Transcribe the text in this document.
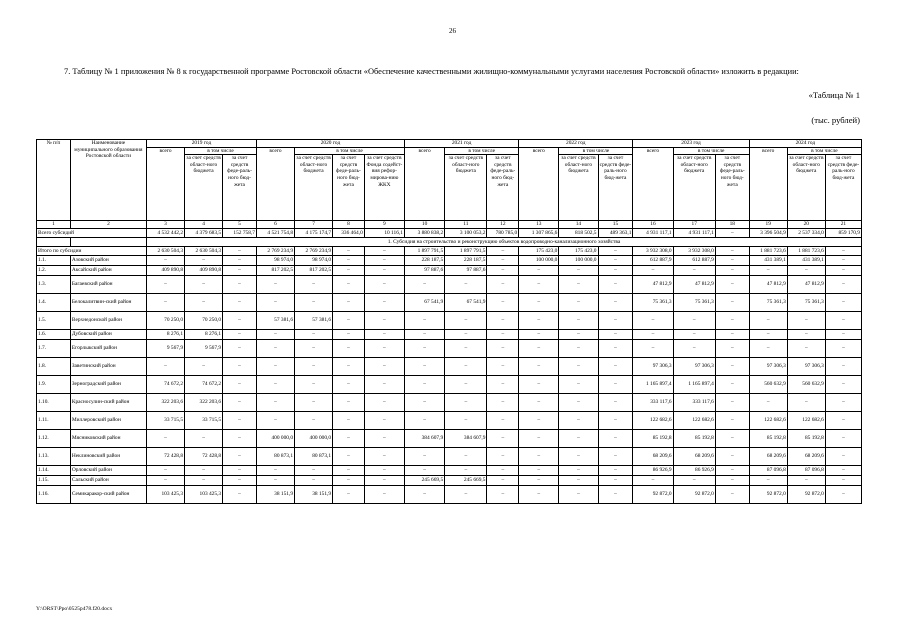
26
7. Таблицу № 1 приложения № 8 к государственной программе Ростовской области «Обеспечение качественными жилищно-коммунальными услугами населения Ростовской области» изложить в редакции:
«Таблица № 1
(тыс. рублей)
№ п/п	Наименование муниципального образования Ростовской области	2019 год			2020 год				2021 год			2022 год			2023 год			2024 год		
		всего	в том числе		всего	в том числе			всего	в том числе		всего	в том числе		всего	в том числе		всего	в том числе	
			за счет средств област-ного бюджета	за счет средств феде-раль-ного бюд-жета		за счет средств област-ного бюджета	за счет средств феде-раль-ного бюд-жета	за счет средств Фонда содейст-вия рефор-мирова-нию ЖКХ		за счет средств област-ного бюджета	за счет средств феде-раль-ного бюд-жета		за счет средств област-ного бюджета	за счет средств феде-раль-ного бюд-жета		за счет средств област-ного бюджета	за счет средств феде-раль-ного бюд-жета		за счет средств област-ного бюджета	за счет средств феде-раль-ного бюд-жета
1	2	3	4	5	6	7	8	9	10	11	12	13	14	15	16	17	18	19	20	21
Всего субсидий		4 532 442,2	4 379 683,5	152 758,7	4 521 754,8	4 175 174,7	336 464,0	10 116,1	3 880 838,2	3 100 053,2	780 785,0	1 307 865,6	818 502,5	489 363,1	4 931 117,1	4 931 117,1	–	3 396 504,9	2 537 334,0	859 170,9
		1. Субсидия на строительство и реконструкцию объектов водопроводно-канализационного хозяйства																		
Итого по субсидии		2 630 504,3	2 630 504,3	–	2 769 234,9	2 769 234,9	–	–	1 897 791,5	1 897 791,5	–	175 423,0	175 423,0	–	3 932 308,0	3 932 308,0	–	1 881 723,6	1 881 723,6	–
1.1.	Азовский район	–	–	–	98 974,0	98 974,0	–	–	228 187,5	228 187,5	–	100 000,0	100 000,0	–	612 887,9	612 887,9	–	431 389,1	431 389,1	–
1.2.	Аксайский район	409 890,8	409 890,8	–	817 202,5	817 202,5	–	–	97 887,6	97 887,6	–	–	–	–	–	–	–	–	–	–
1.3.	Багаевский район	–	–	–	–	–	–	–	–	–	–	–	–	–	47 812,9	47 812,9	–	47 812,9	47 812,9	–
1.4.	Белокалитвин-ский район	–	–	–	–	–	–	–	67 541,9	67 541,9	–	–	–	–	75 361,3	75 361,3	–	75 361,3	75 361,3	–
1.5.	Верхнедонской район	70 250,0	70 250,0	–	57 381,6	57 381,6	–	–	–	–	–	–	–	–	–	–	–	–	–	–
1.6.	Дубовский район	8 276,1	8 276,1	–	–	–	–	–	–	–	–	–	–	–	–	–	–	–	–	–
1.7.	Егорлыкский район	9 567,9	9 567,9	–	–	–	–	–	–	–	–	–	–	–	–	–	–	–	–	–
1.8.	Заветинский район	–	–	–	–	–	–	–	–	–	–	–	–	–	97 306,3	97 306,3	–	97 306,3	97 306,3	–
1.9.	Зерноградский район	74 672,2	74 672,2	–	–	–	–	–	–	–	–	–	–	–	1 165 897,4	1 165 897,4	–	560 632,9	560 632,9	–
1.10.	Красносулин-ский район	322 203,6	322 203,6	–	–	–	–	–	–	–	–	–	–	–	333 117,6	333 117,6	–	–	–	–
1.11.	Миллеровский район	33 715,5	33 715,5	–	–	–	–	–	–	–	–	–	–	–	122 682,6	122 682,6	–	122 682,6	122 682,6	–
1.12.	Мясниковский район	–	–	–	400 000,0	400 000,0	–	–	384 607,9	384 607,9	–	–	–	–	85 192,8	85 192,8	–	85 192,8	85 192,8	–
1.13.	Неклиновский район	72 428,8	72 428,8	–	80 873,1	80 873,1	–	–	–	–	–	–	–	–	68 209,6	68 209,6	–	68 209,6	68 209,6	–
1.14.	Орловский район	–	–	–	–	–	–	–	–	–	–	–	–	–	86 926,9	86 926,9	–	87 096,8	87 096,8	–
1.15.	Сальский район	–	–	–	–	–	–	–	245 669,5	245 669,5	–	–	–	–	–	–	–	–	–	–
1.16.	Семикаракор-ский район	103 425,3	103 425,3	–	38 151,9	38 151,9	–	–	–	–	–	–	–	–	92 872,0	92 872,0	–	92 872,0	92 872,0	–
Y:\ORST\Ppo\0525p478.f20.docx
